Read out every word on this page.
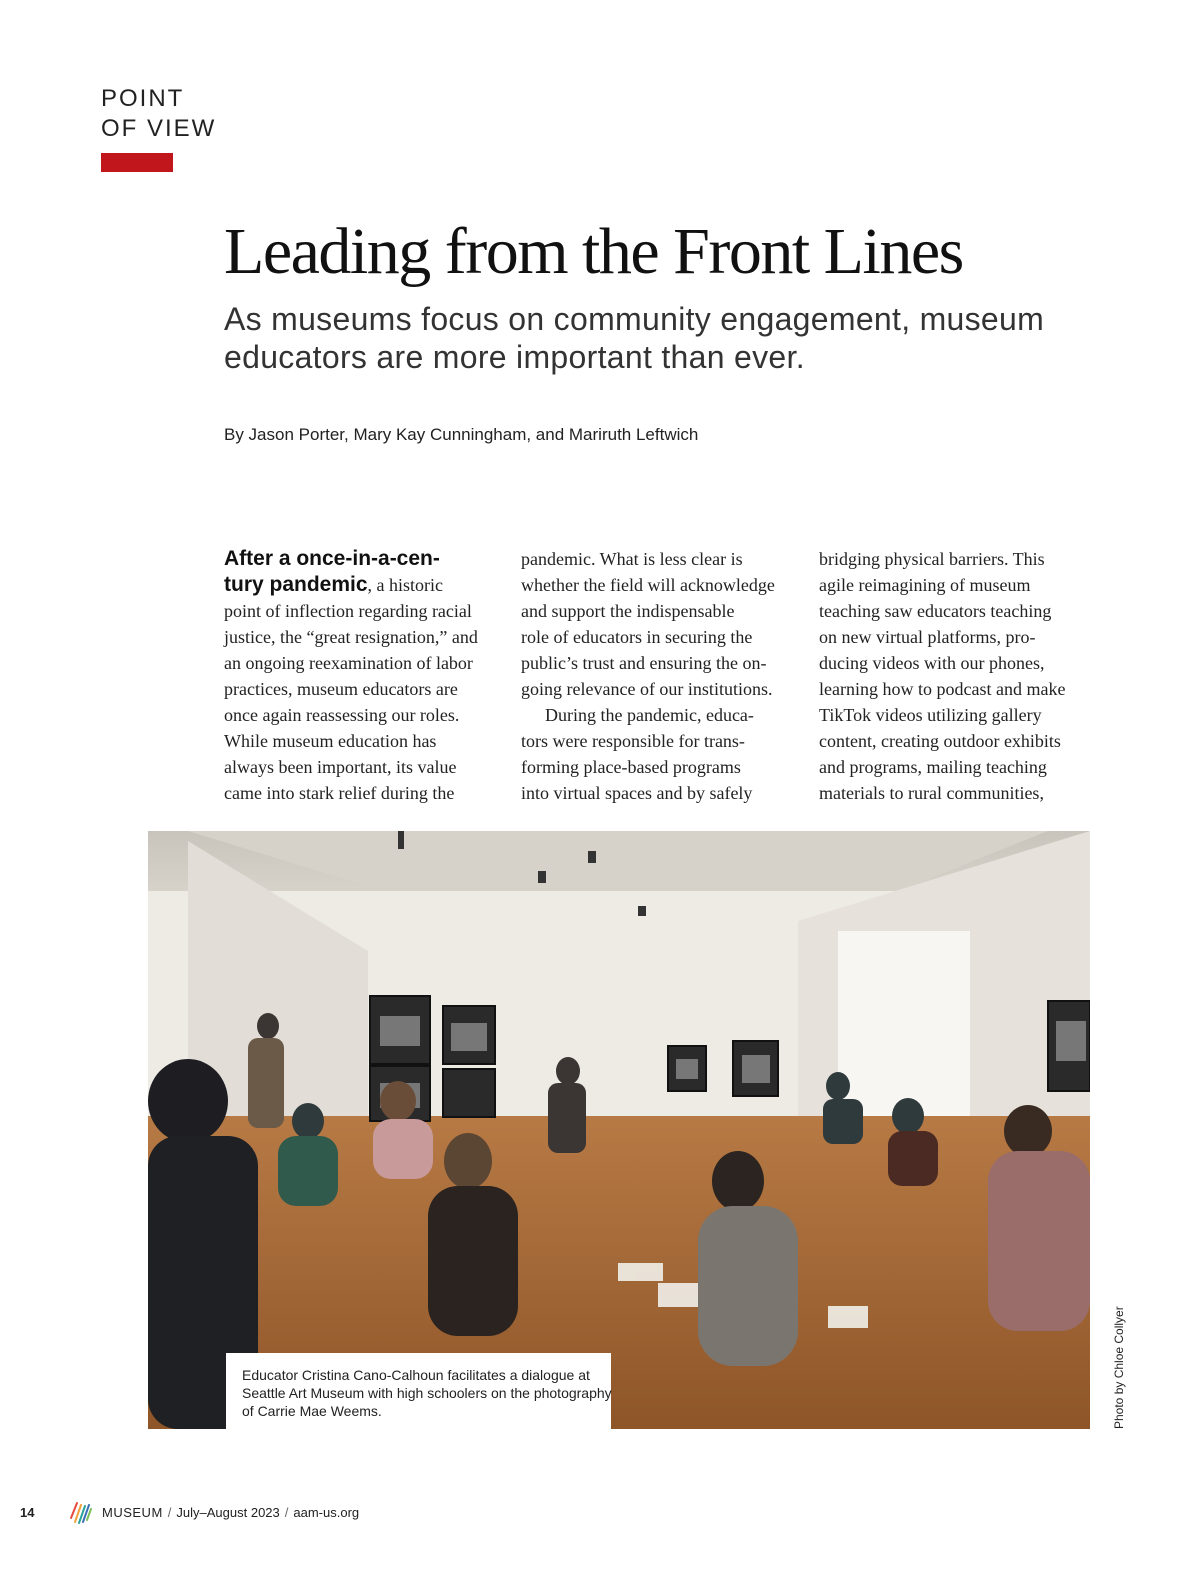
POINT
OF VIEW
Leading from the Front Lines
As museums focus on community engagement, museum educators are more important than ever.
By Jason Porter, Mary Kay Cunningham, and Mariruth Leftwich
After a once-in-a-cen-
tury pandemic, a historic
point of inflection regarding racial
justice, the “great resignation,” and
an ongoing reexamination of labor
practices, museum educators are
once again reassessing our roles.
While museum education has
always been important, its value
came into stark relief during the
pandemic. What is less clear is
whether the field will acknowledge
and support the indispensable
role of educators in securing the
public’s trust and ensuring the on-
going relevance of our institutions.
During the pandemic, educa-
tors were responsible for trans-
forming place-based programs
into virtual spaces and by safely
bridging physical barriers. This
agile reimagining of museum
teaching saw educators teaching
on new virtual platforms, pro-
ducing videos with our phones,
learning how to podcast and make
TikTok videos utilizing gallery
content, creating outdoor exhibits
and programs, mailing teaching
materials to rural communities,
Educator Cristina Cano-Calhoun facilitates a dialogue at Seattle Art Museum with high schoolers on the photography of Carrie Mae Weems.	Photo by Chloe Collyer
14	MUSEUM / July–August 2023 / aam-us.org
